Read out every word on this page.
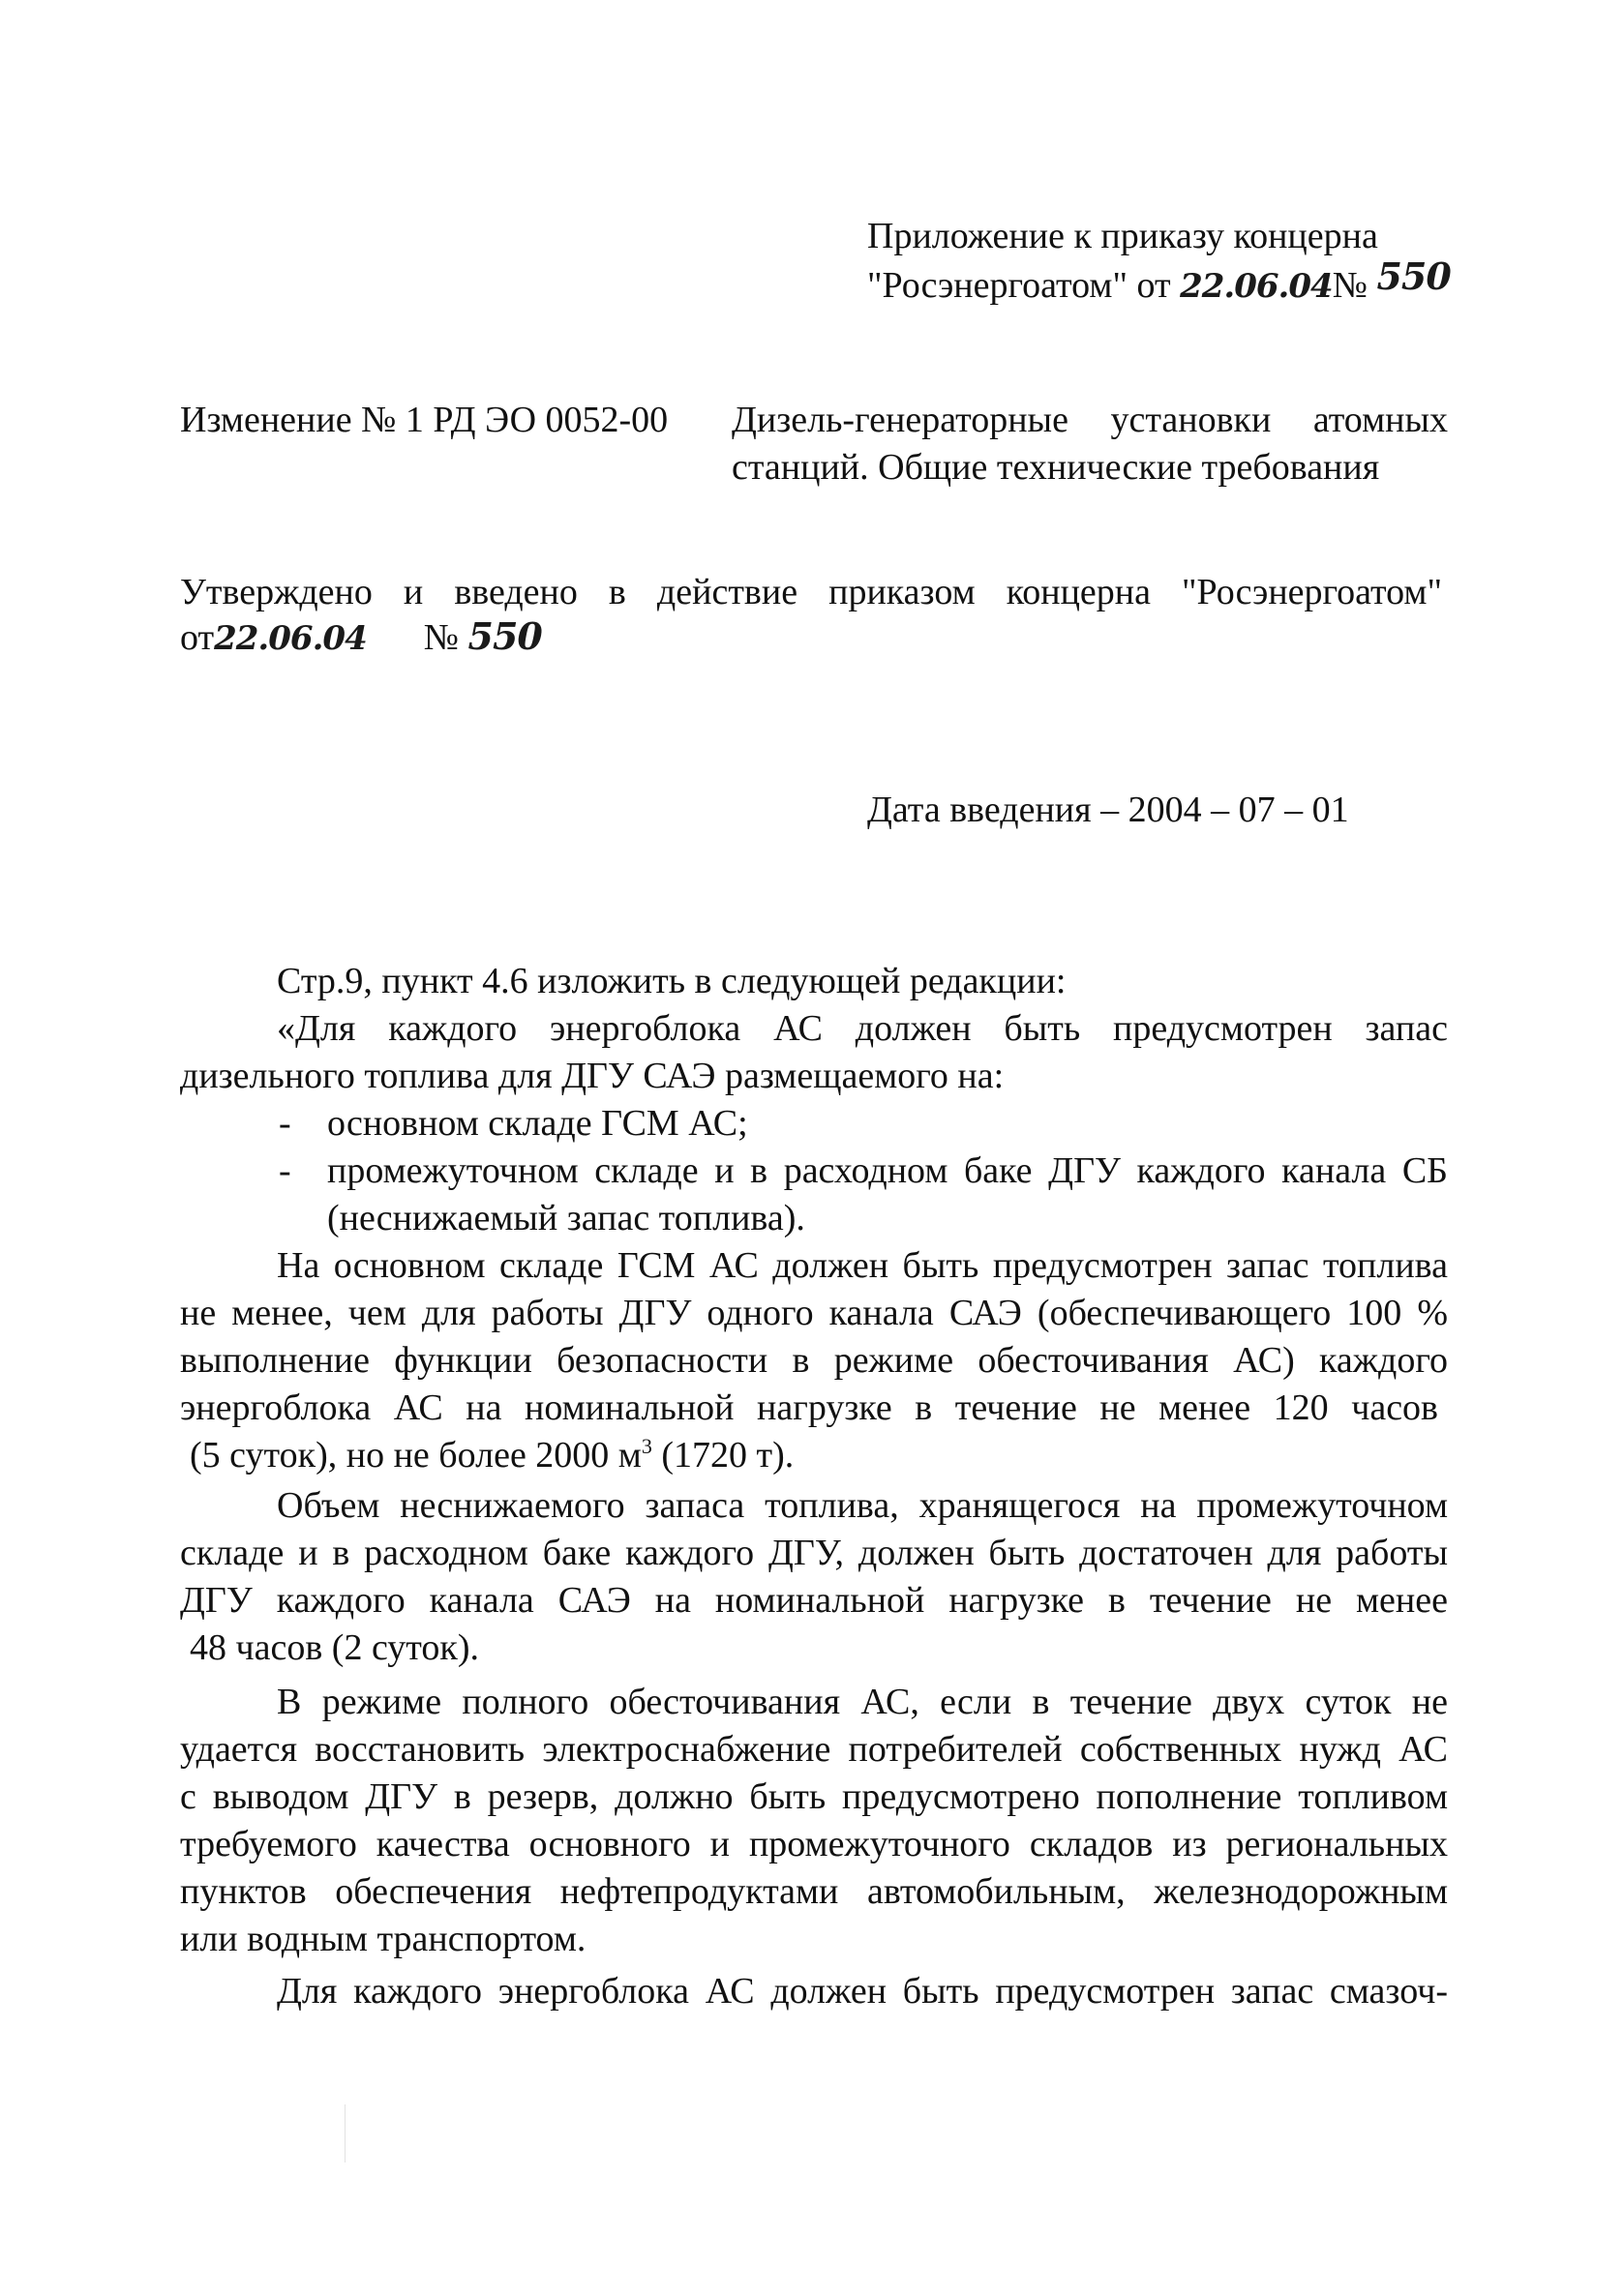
Приложение к приказу концерна
"Росэнергоатом" от 22.06.04№ 550
Изменение № 1 РД ЭО 0052-00 Дизель-генераторные установки атомных
станций. Общие технические требования
Утверждено и введено в действие приказом концерна "Росэнергоатом"
от22.06.04 № 550
Дата введения – 2004 – 07 – 01
Стр.9, пункт 4.6 изложить в следующей редакции:
«Для каждого энергоблока АС должен быть предусмотрен запас
дизельного топлива для ДГУ САЭ размещаемого на:
- основном складе ГСМ АС;
- промежуточном складе и в расходном баке ДГУ каждого канала СБ
(неснижаемый запас топлива).
На основном складе ГСМ АС должен быть предусмотрен запас топлива
не менее, чем для работы ДГУ одного канала САЭ (обеспечивающего 100 %
выполнение функции безопасности в режиме обесточивания АС) каждого
энергоблока АС на номинальной нагрузке в течение не менее 120 часов
(5 суток), но не более 2000 $м^3$ (1720 т).
Объем неснижаемого запаса топлива, хранящегося на промежуточном
складе и в расходном баке каждого ДГУ, должен быть достаточен для работы
ДГУ каждого канала САЭ на номинальной нагрузке в течение не менее
48 часов (2 суток).
В режиме полного обесточивания АС, если в течение двух суток не
удается восстановить электроснабжение потребителей собственных нужд АС
с выводом ДГУ в резерв, должно быть предусмотрено пополнение топливом
требуемого качества основного и промежуточного складов из региональных
пунктов обеспечения нефтепродуктами автомобильным, железнодорожным
или водным транспортом.
Для каждого энергоблока АС должен быть предусмотрен запас смазоч-
